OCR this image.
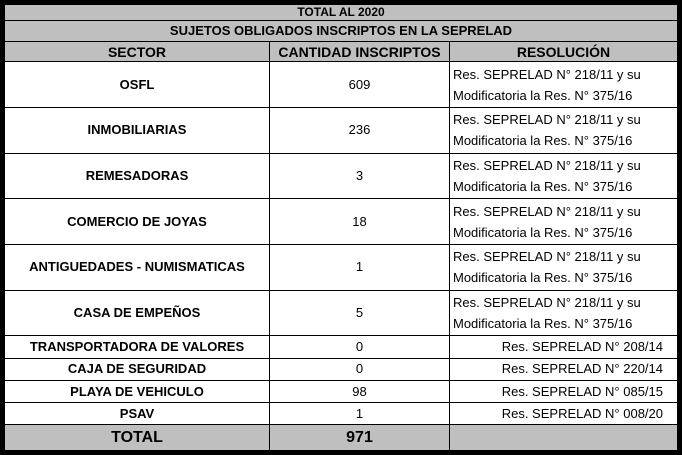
TOTAL AL 2020		
SUJETOS OBLIGADOS INSCRIPTOS EN LA SEPRELAD		
SECTOR	CANTIDAD INSCRIPTOS	RESOLUCIÓN
OSFL	609	Res. SEPRELAD N° 218/11 y su
Modificatoria la Res. N° 375/16

INMOBILIARIAS	236	Res. SEPRELAD N° 218/11 y su
Modificatoria la Res. N° 375/16

REMESADORAS	3	Res. SEPRELAD N° 218/11 y su
Modificatoria la Res. N° 375/16

COMERCIO DE JOYAS	18	Res. SEPRELAD N° 218/11 y su
Modificatoria la Res. N° 375/16

ANTIGUEDADES - NUMISMATICAS	1	Res. SEPRELAD N° 218/11 y su
Modificatoria la Res. N° 375/16

CASA DE EMPEÑOS	5	Res. SEPRELAD N° 218/11 y su
Modificatoria la Res. N° 375/16

TRANSPORTADORA DE VALORES	0	Res. SEPRELAD N° 208/14
CAJA DE SEGURIDAD	0	Res. SEPRELAD N° 220/14
PLAYA DE VEHICULO	98	Res. SEPRELAD N° 085/15
PSAV	1	Res. SEPRELAD N° 008/20
TOTAL	971	
